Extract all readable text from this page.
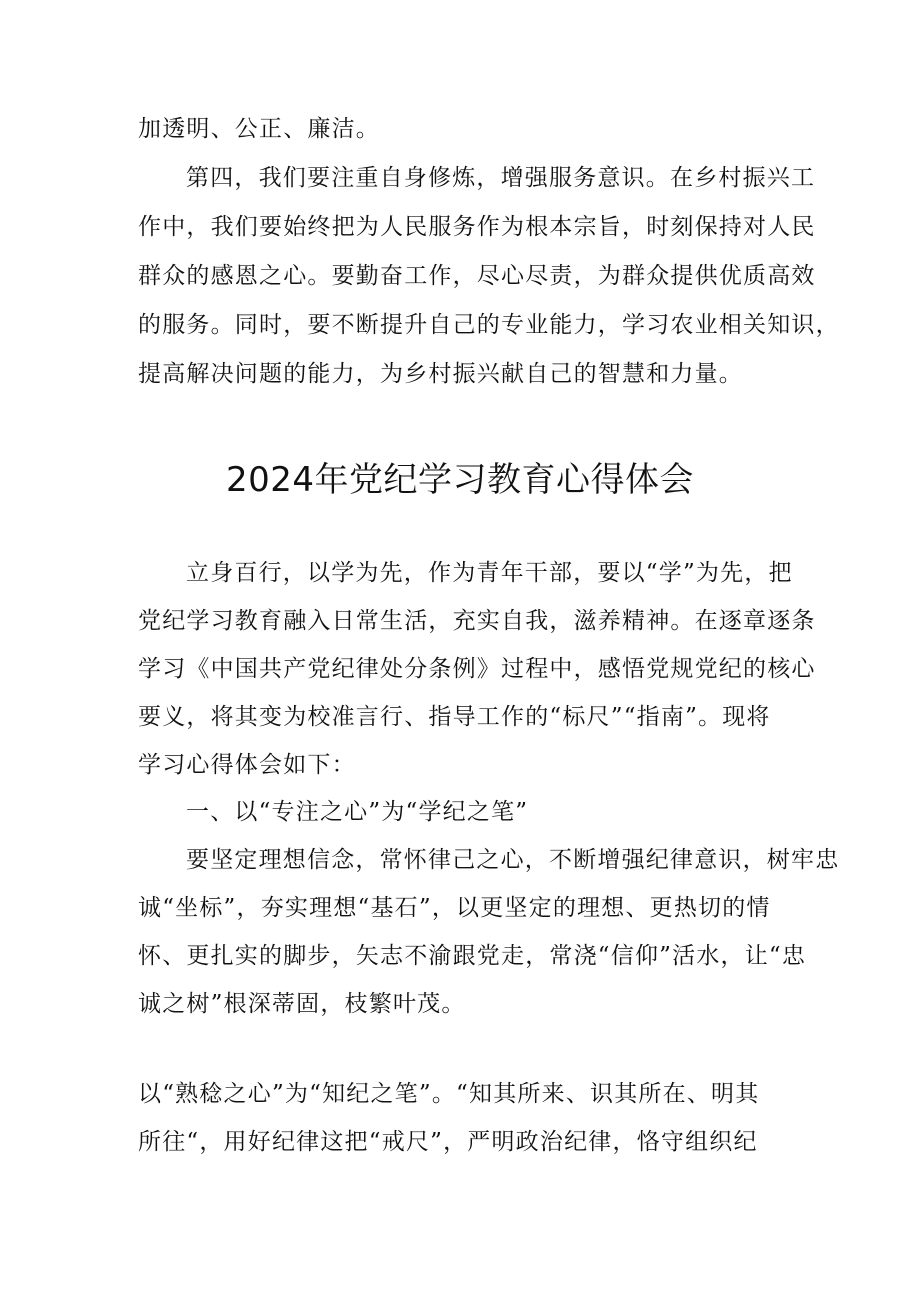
加透明、公正、廉洁。
第四，我们要注重自身修炼，增强服务意识。在乡村振兴工
作中，我们要始终把为人民服务作为根本宗旨，时刻保持对人民
群众的感恩之心。要勤奋工作，尽心尽责，为群众提供优质高效
的服务。同时，要不断提升自己的专业能力，学习农业相关知识，
提高解决问题的能力，为乡村振兴献自己的智慧和力量。
2024年党纪学习教育心得体会
立身百行，以学为先，作为青年干部，要以“学”为先，把
党纪学习教育融入日常生活，充实自我，滋养精神。在逐章逐条
学习《中国共产党纪律处分条例》过程中，感悟党规党纪的核心
要义，将其变为校准言行、指导工作的“标尺”“指南”。现将
学习心得体会如下：
一、以“专注之心”为“学纪之笔”
要坚定理想信念，常怀律己之心，不断增强纪律意识，树牢忠
诚“坐标”，夯实理想“基石”，以更坚定的理想、更热切的情
怀、更扎实的脚步，矢志不渝跟党走，常浇“信仰”活水，让“忠
诚之树”根深蒂固，枝繁叶茂。
以“熟稔之心”为“知纪之笔”。“知其所来、识其所在、明其
所往“，用好纪律这把“戒尺”，严明政治纪律，恪守组织纪
